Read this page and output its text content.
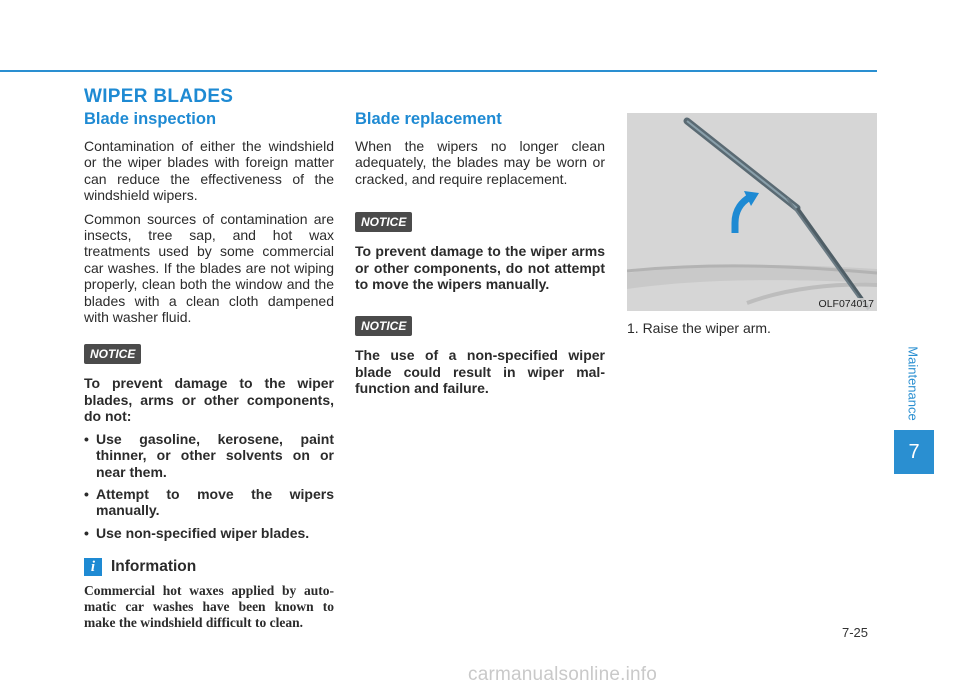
WIPER BLADES
Blade inspection

Contamination of either the windshield or the wiper blades with foreign matter can reduce the effectiveness of the windshield wipers.

Common sources of contamination are insects, tree sap, and hot wax treatments used by some commercial car washes. If the blades are not wiping properly, clean both the window and the blades with a clean cloth dampened with washer fluid.

NOTICE

To prevent damage to the wiper blades, arms or other components, do not:

• Use gasoline, kerosene, paint thinner, or other solvents on or near them.
• Attempt to move the wipers manually.
• Use non-specified wiper blades.
i	Information

Commercial hot waxes applied by automatic car washes have been known to make the windshield difficult to clean.

Blade replacement

When the wipers no longer clean adequately, the blades may be worn or cracked, and require replacement.

NOTICE

To prevent damage to the wiper arms or other components, do not attempt to move the wipers manually.

NOTICE

The use of a non-specified wiper blade could result in wiper malfunction and failure.

OLF074017
1. Raise the wiper arm.
Maintenance
7
7-25
carmanualsonline.info
